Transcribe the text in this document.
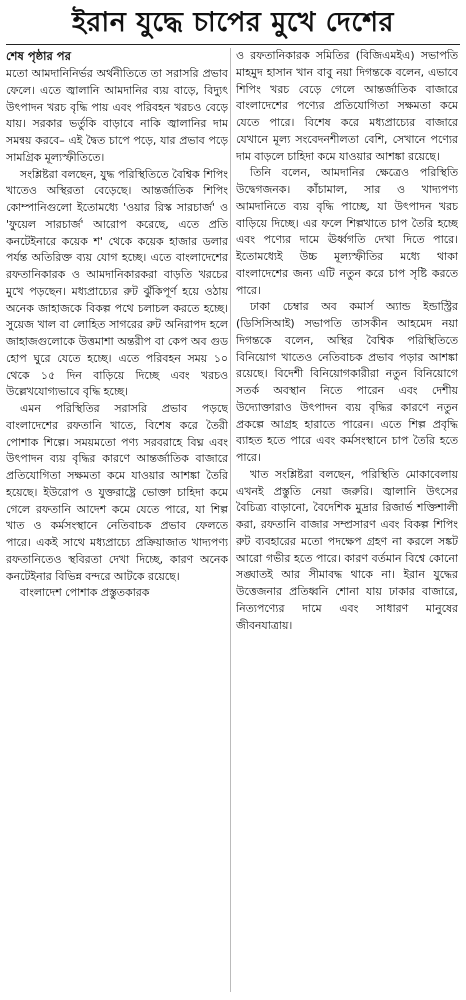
ইরান যুদ্ধে চাপের মুখে দেশের
শেষ পৃষ্ঠার পর

মতো আমদানিনির্ভর অর্থনীতিতে তা সরাসরি প্রভাব ফেলে। এতে জ্বালানি আমদানির ব্যয় বাড়ে, বিদ্যুৎ উৎপাদন খরচ বৃদ্ধি পায় এবং পরিবহন খরচও বেড়ে যায়। সরকার ভর্তুকি বাড়াবে নাকি জ্বালানির দাম সমন্বয় করবে– এই দ্বৈত চাপে পড়ে, যার প্রভাব পড়ে সামগ্রিক মূল্যস্ফীতিতে।

সংশ্লিষ্টরা বলছেন, যুদ্ধ পরিস্থিতিতে বৈশ্বিক শিপিং খাতেও অস্থিরতা বেড়েছে। আন্তর্জাতিক শিপিং কোম্পানিগুলো ইতোমধ্যে 'ওয়ার রিস্ক সারচার্জ' ও 'ফুয়েল সারচার্জ' আরোপ করেছে, এতে প্রতি কনটেইনারে কয়েক শ' থেকে কয়েক হাজার ডলার পর্যন্ত অতিরিক্ত ব্যয় যোগ হচ্ছে। এতে বাংলাদেশের রফতানিকারক ও আমদানিকারকরা বাড়তি খরচের মুখে পড়ছেন। মধ্যপ্রাচ্যের রুট ঝুঁকিপূর্ণ হয়ে ওঠায় অনেক জাহাজকে বিকল্প পথে চলাচল করতে হচ্ছে। সুয়েজ খাল বা লোহিত সাগরের রুট অনিরাপদ হলে জাহাজগুলোকে উত্তমাশা অন্তরীপ বা কেপ অব গুড হোপ ঘুরে যেতে হচ্ছে। এতে পরিবহন সময় ১০ থেকে ১৫ দিন বাড়িয়ে দিচ্ছে এবং খরচও উল্লেখযোগ্যভাবে বৃদ্ধি হচ্ছে।

এমন পরিস্থিতির সরাসরি প্রভাব পড়ছে বাংলাদেশের রফতানি খাতে, বিশেষ করে তৈরী পোশাক শিল্পে। সময়মতো পণ্য সরবরাহে বিঘ্ন এবং উৎপাদন ব্যয় বৃদ্ধির কারণে আন্তর্জাতিক বাজারে প্রতিযোগিতা সক্ষমতা কমে যাওয়ার আশঙ্কা তৈরি হয়েছে। ইউরোপ ও যুক্তরাষ্ট্রে ভোক্তা চাহিদা কমে গেলে রফতানি আদেশ কমে যেতে পারে, যা শিল্প খাত ও কর্মসংস্থানে নেতিবাচক প্রভাব ফেলতে পারে। একই সাথে মধ্যপ্রাচ্যে প্রক্রিয়াজাত খাদ্যপণ্য রফতানিতেও স্থবিরতা দেখা দিচ্ছে, কারণ অনেক কনটেইনার বিভিন্ন বন্দরে আটকে রয়েছে।

বাংলাদেশ পোশাক প্রস্তুতকারক

ও রফতানিকারক সমিতির (বিজিএমইএ) সভাপতি মাহমুদ হাসান খান বাবু নয়া দিগন্তকে বলেন, এভাবে শিপিং খরচ বেড়ে গেলে আন্তর্জাতিক বাজারে বাংলাদেশের পণ্যের প্রতিযোগিতা সক্ষমতা কমে যেতে পারে। বিশেষ করে মধ্যপ্রাচ্যের বাজারে যেখানে মূল্য সংবেদনশীলতা বেশি, সেখানে পণ্যের দাম বাড়লে চাহিদা কমে যাওয়ার আশঙ্কা রয়েছে।

তিনি বলেন, আমদানির ক্ষেত্রেও পরিস্থিতি উদ্বেগজনক। কাঁচামাল, সার ও খাদ্যপণ্য আমদানিতে ব্যয় বৃদ্ধি পাচ্ছে, যা উৎপাদন খরচ বাড়িয়ে দিচ্ছে। এর ফলে শিল্পখাতে চাপ তৈরি হচ্ছে এবং পণ্যের দামে ঊর্ধ্বগতি দেখা দিতে পারে। ইতোমধ্যেই উচ্চ মূল্যস্ফীতির মধ্যে থাকা বাংলাদেশের জন্য এটি নতুন করে চাপ সৃষ্টি করতে পারে।

ঢাকা চেম্বার অব কমার্স অ্যান্ড ইন্ডাস্ট্রির (ডিসিসিআই) সভাপতি তাসকীন আহমেদ নয়া দিগন্তকে বলেন, অস্থির বৈশ্বিক পরিস্থিতিতে বিনিয়োগ খাতেও নেতিবাচক প্রভাব পড়ার আশঙ্কা রয়েছে। বিদেশী বিনিয়োগকারীরা নতুন বিনিয়োগে সতর্ক অবস্থান নিতে পারেন এবং দেশীয় উদ্যোক্তারাও উৎপাদন ব্যয় বৃদ্ধির কারণে নতুন প্রকল্পে আগ্রহ হারাতে পারেন। এতে শিল্প প্রবৃদ্ধি ব্যাহত হতে পারে এবং কর্মসংস্থানে চাপ তৈরি হতে পারে।

খাত সংশ্লিষ্টরা বলছেন, পরিস্থিতি মোকাবেলায় এখনই প্রস্তুতি নেয়া জরুরি। জ্বালানি উৎসের বৈচিত্র্য বাড়ানো, বৈদেশিক মুদ্রার রিজার্ভ শক্তিশালী করা, রফতানি বাজার সম্প্রসারণ এবং বিকল্প শিপিং রুট ব্যবহারের মতো পদক্ষেপ গ্রহণ না করলে সঙ্কট আরো গভীর হতে পারে। কারণ বর্তমান বিশ্বে কোনো সঙ্ঘাতই আর সীমাবদ্ধ থাকে না। ইরান যুদ্ধের উত্তেজনার প্রতিধ্বনি শোনা যায় ঢাকার বাজারে, নিত্যপণ্যের দামে এবং সাধারণ মানুষের জীবনযাত্রায়।
